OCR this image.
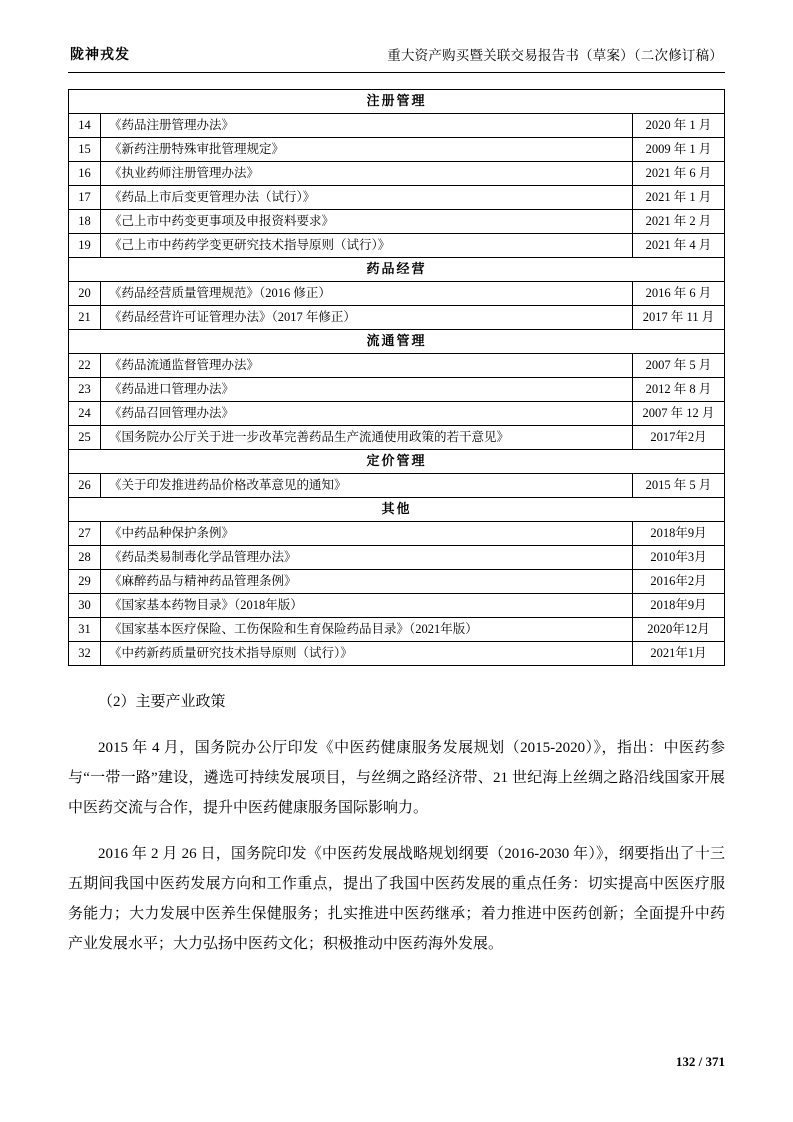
陇神戎发	重大资产购买暨关联交易报告书（草案）（二次修订稿）
注册管理		
14	《药品注册管理办法》	2020 年 1 月
15	《新药注册特殊审批管理规定》	2009 年 1 月
16	《执业药师注册管理办法》	2021 年 6 月
17	《药品上市后变更管理办法（试行）》	2021 年 1 月
18	《己上市中药变更事项及申报资料要求》	2021 年 2 月
19	《己上市中药药学变更研究技术指导原则（试行）》	2021 年 4 月
药品经营		
20	《药品经营质量管理规范》（2016 修正）	2016 年 6 月
21	《药品经营许可证管理办法》（2017 年修正）	2017 年 11 月
流通管理		
22	《药品流通监督管理办法》	2007 年 5 月
23	《药品进口管理办法》	2012 年 8 月
24	《药品召回管理办法》	2007 年 12 月
25	《国务院办公厅关于进一步改革完善药品生产流通使用政策的若干意见》	2017年2月
定价管理		
26	《关于印发推进药品价格改革意见的通知》	2015 年 5 月
其他		
27	《中药品种保护条例》	2018年9月
28	《药品类易制毒化学品管理办法》	2010年3月
29	《麻醉药品与精神药品管理条例》	2016年2月
30	《国家基本药物目录》（2018年版）	2018年9月
31	《国家基本医疗保险、工伤保险和生育保险药品目录》（2021年版）	2020年12月
32	《中药新药质量研究技术指导原则（试行）》	2021年1月
（2）主要产业政策

2015 年 4 月，国务院办公厅印发《中医药健康服务发展规划（2015-2020）》，指出：中医药参与“一带一路”建设，遴选可持续发展项目，与丝绸之路经济带、21 世纪海上丝绸之路沿线国家开展中医药交流与合作，提升中医药健康服务国际影响力。

2016 年 2 月 26 日，国务院印发《中医药发展战略规划纲要（2016-2030 年）》，纲要指出了十三五期间我国中医药发展方向和工作重点，提出了我国中医药发展的重点任务：切实提高中医医疗服务能力；大力发展中医养生保健服务；扎实推进中医药继承；着力推进中医药创新；全面提升中药产业发展水平；大力弘扬中医药文化；积极推动中医药海外发展。

132 / 371
